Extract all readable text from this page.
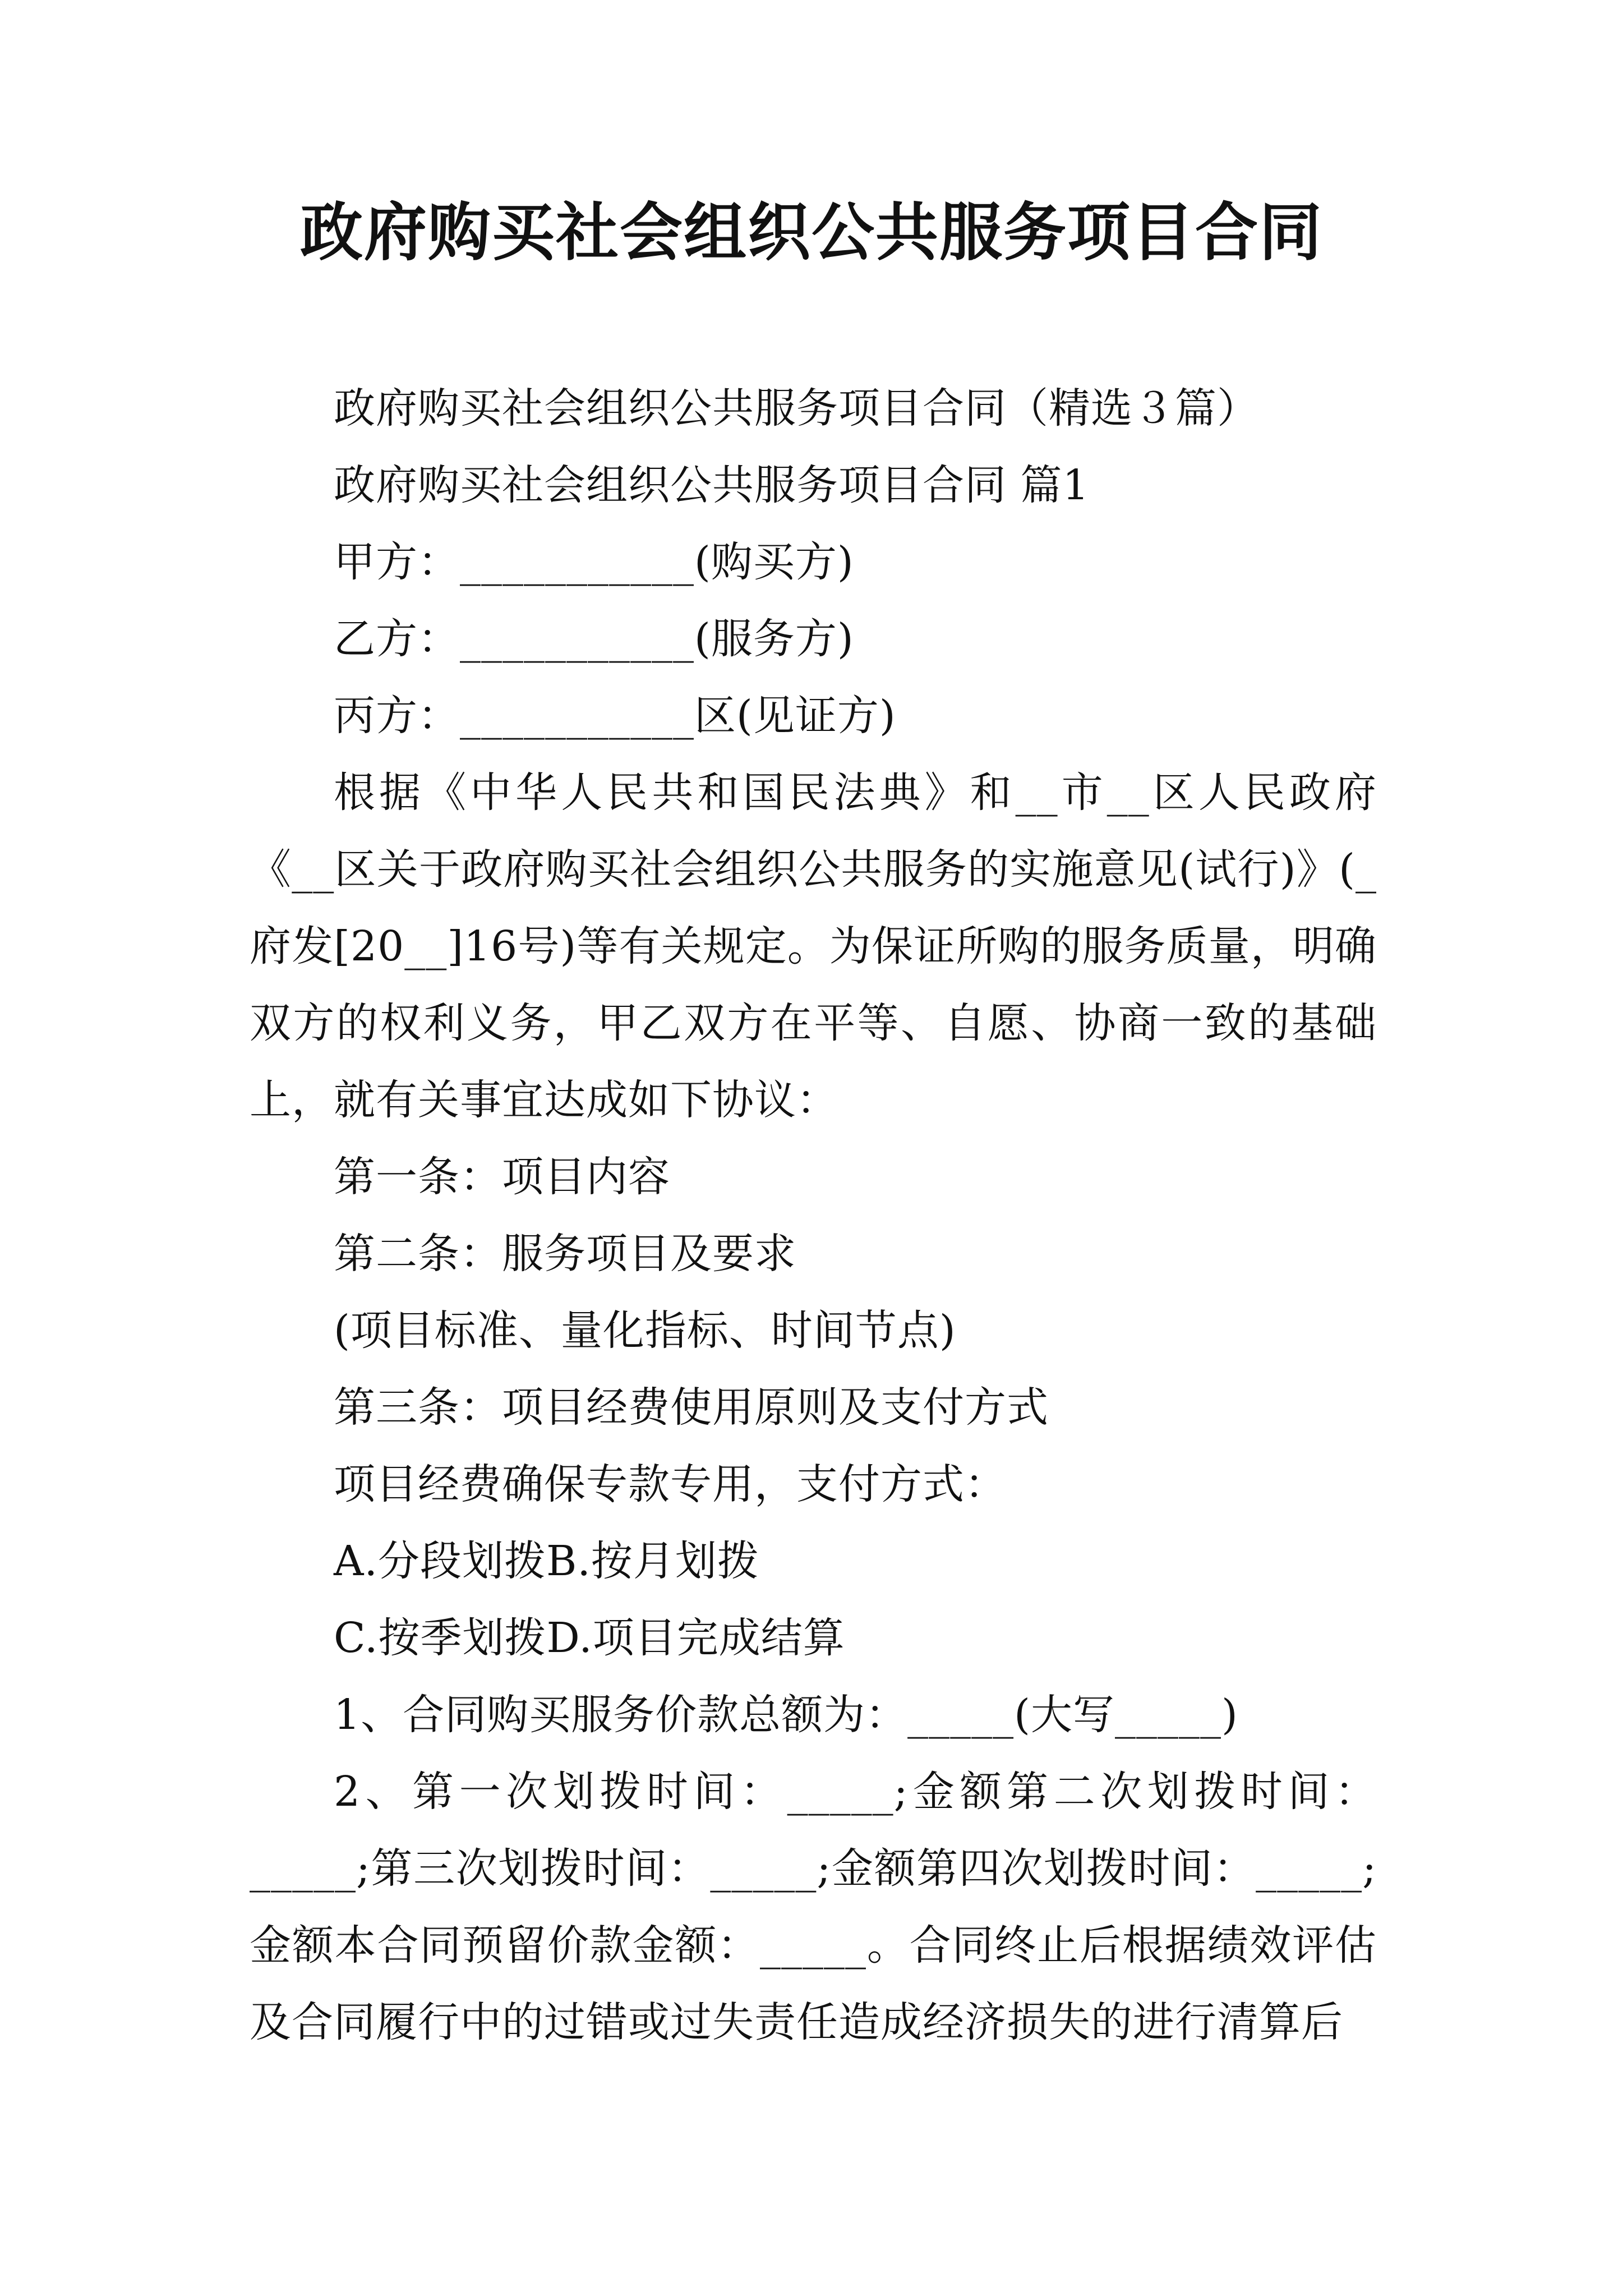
政府购买社会组织公共服务项目合同

政府购买社会组织公共服务项目合同（精选３篇）

政府购买社会组织公共服务项目合同 篇1

甲方：___________(购买方)

乙方：___________(服务方)

丙方：___________区(见证方)

根据《中华人民共和国民法典》和__市__区人民政府《__区关于政府购买社会组织公共服务的实施意见(试行)》(_府发[20__]16号)等有关规定。为保证所购的服务质量，明确双方的权利义务，甲乙双方在平等、自愿、协商一致的基础上，就有关事宜达成如下协议：

第一条：项目内容

第二条：服务项目及要求

(项目标准、量化指标、时间节点)

第三条：项目经费使用原则及支付方式

项目经费确保专款专用，支付方式：

A.分段划拨B.按月划拨

C.按季划拨D.项目完成结算

1、合同购买服务价款总额为：_____(大写_____)

2、第一次划拨时间：_____;金额第二次划拨时间：_____;第三次划拨时间：_____;金额第四次划拨时间：_____;金额本合同预留价款金额：_____。合同终止后根据绩效评估及合同履行中的过错或过失责任造成经济损失的进行清算后
